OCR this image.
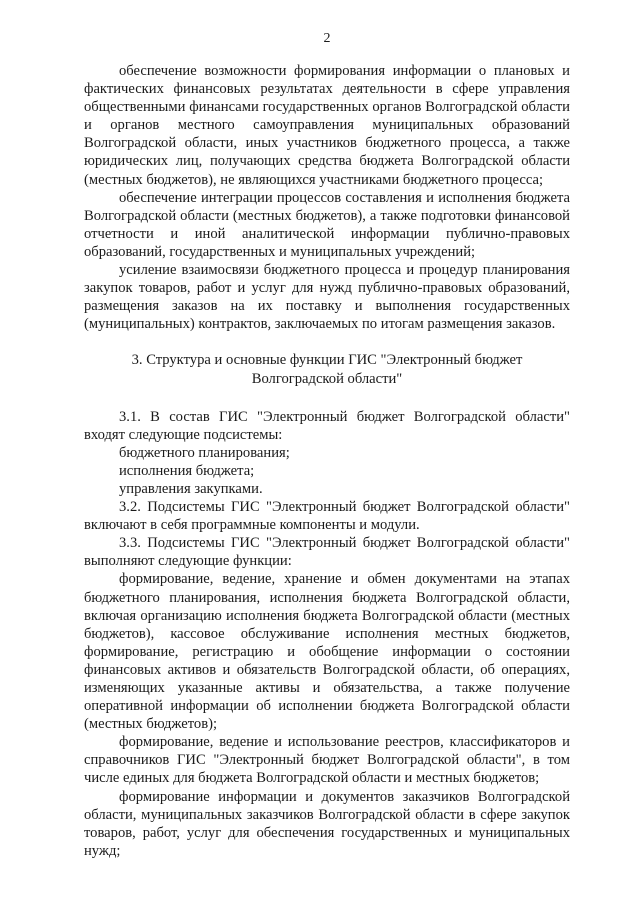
2

обеспечение возможности формирования информации о плановых и фактических финансовых результатах деятельности в сфере управления общественными финансами государственных органов Волгоградской области и органов местного самоуправления муниципальных образований Волгоградской области, иных участников бюджетного процесса, а также юридических лиц, получающих средства бюджета Волгоградской области (местных бюджетов), не являющихся участниками бюджетного процесса;

обеспечение интеграции процессов составления и исполнения бюджета Волгоградской области (местных бюджетов), а также подготовки финансовой отчетности и иной аналитической информации публично-правовых образований, государственных и муниципальных учреждений;

усиление взаимосвязи бюджетного процесса и процедур планирования закупок товаров, работ и услуг для нужд публично-правовых образований, размещения заказов на их поставку и выполнения государственных (муниципальных) контрактов, заключаемых по итогам размещения заказов.

3. Структура и основные функции ГИС "Электронный бюджет Волгоградской области"

3.1. В состав ГИС "Электронный бюджет Волгоградской области" входят следующие подсистемы:

бюджетного планирования;

исполнения бюджета;

управления закупками.

3.2. Подсистемы ГИС "Электронный бюджет Волгоградской области" включают в себя программные компоненты и модули.

3.3. Подсистемы ГИС "Электронный бюджет Волгоградской области" выполняют следующие функции:

формирование, ведение, хранение и обмен документами на этапах бюджетного планирования, исполнения бюджета Волгоградской области, включая организацию исполнения бюджета Волгоградской области (местных бюджетов), кассовое обслуживание исполнения местных бюджетов, формирование, регистрацию и обобщение информации о состоянии финансовых активов и обязательств Волгоградской области, об операциях, изменяющих указанные активы и обязательства, а также получение оперативной информации об исполнении бюджета Волгоградской области (местных бюджетов);

формирование, ведение и использование реестров, классификаторов и справочников ГИС "Электронный бюджет Волгоградской области", в том числе единых для бюджета Волгоградской области и местных бюджетов;

формирование информации и документов заказчиков Волгоградской области, муниципальных заказчиков Волгоградской области в сфере закупок товаров, работ, услуг для обеспечения государственных и муниципальных нужд;
